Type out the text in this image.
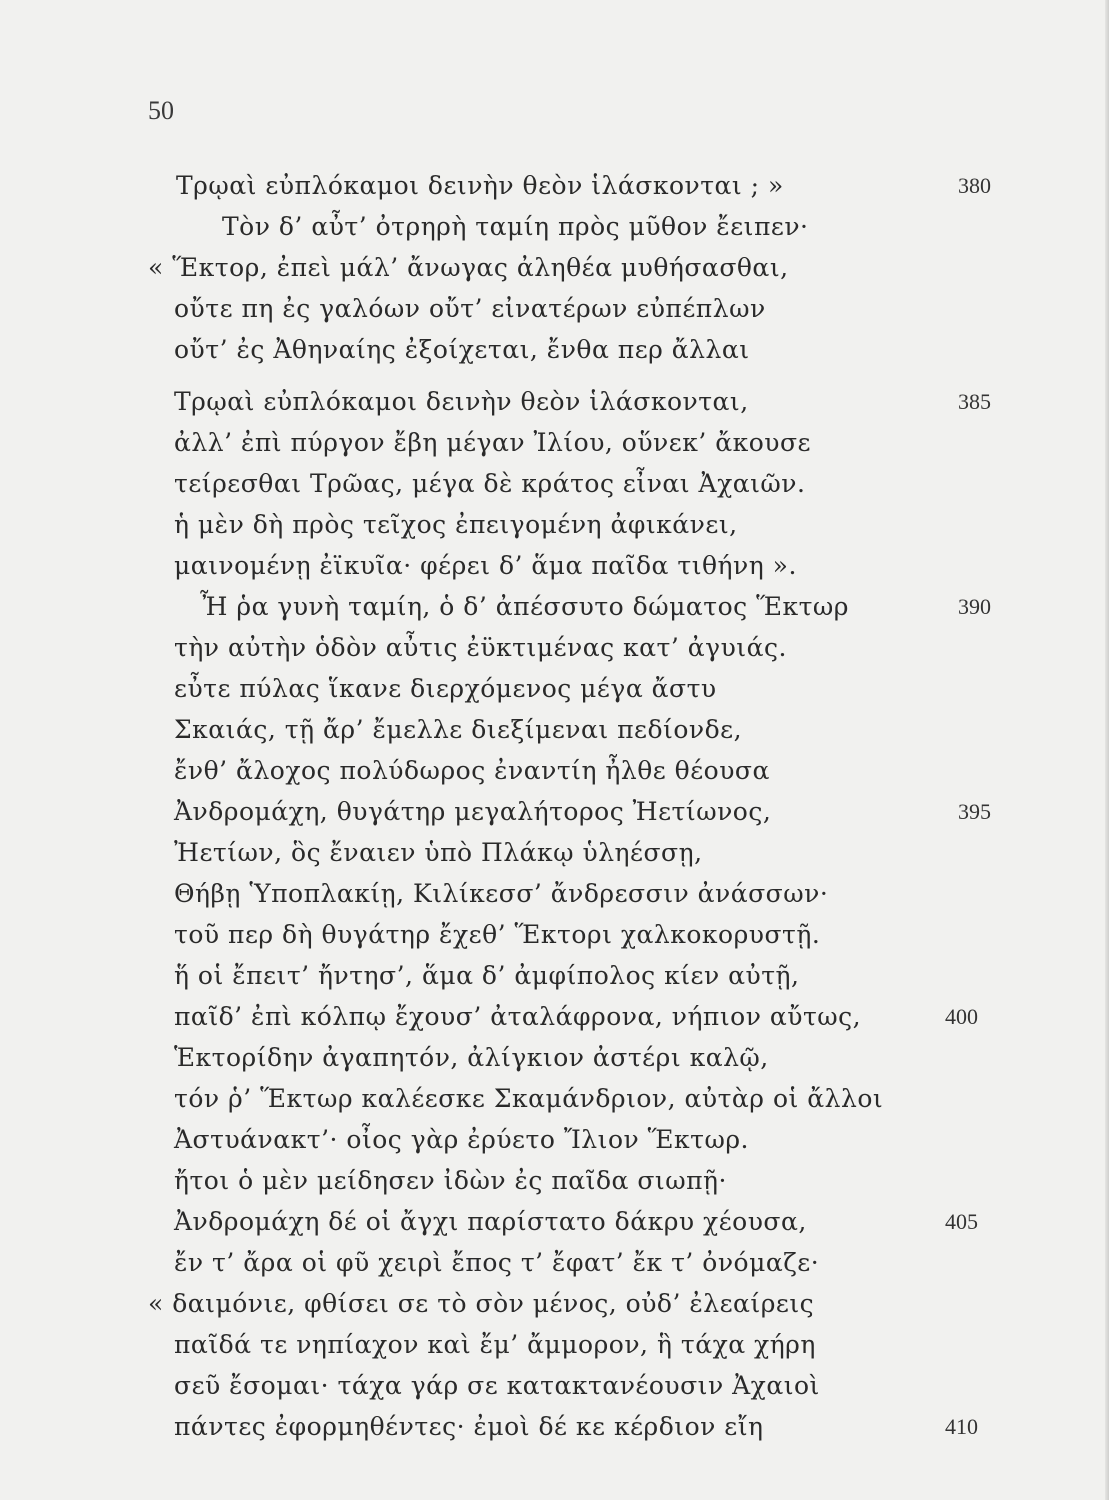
50
Τρῳαὶ εὐπλόκαμοι δεινὴν θεὸν ἱλάσκονται ; »	380
Τὸν δ’ αὖτ’ ὀτρηρὴ ταμίη πρὸς μῦθον ἔειπεν·
« Ἕκτορ, ἐπεὶ μάλ’ ἄνωγας ἀληθέα μυθήσασθαι,
οὔτε πη ἐς γαλόων οὔτ’ εἰνατέρων εὐπέπλων
οὔτ’ ἐς Ἀθηναίης ἐξοίχεται, ἔνθα περ ἄλλαι
Τρῳαὶ εὐπλόκαμοι δεινὴν θεὸν ἱλάσκονται,	385
ἀλλ’ ἐπὶ πύργον ἔβη μέγαν Ἰλίου, οὕνεκ’ ἄκουσε
τείρεσθαι Τρῶας, μέγα δὲ κράτος εἶναι Ἀχαιῶν.
ἡ μὲν δὴ πρὸς τεῖχος ἐπειγομένη ἀφικάνει,
μαινομένῃ ἐϊκυῖα· φέρει δ’ ἅμα παῖδα τιθήνη ».
Ἦ ῥα γυνὴ ταμίη, ὁ δ’ ἀπέσσυτο δώματος Ἕκτωρ	390
τὴν αὐτὴν ὁδὸν αὖτις ἐϋκτιμένας κατ’ ἀγυιάς.
εὖτε πύλας ἵκανε διερχόμενος μέγα ἄστυ
Σκαιάς, τῇ ἄρ’ ἔμελλε διεξίμεναι πεδίονδε,
ἔνθ’ ἄλοχος πολύδωρος ἐναντίη ἦλθε θέουσα
Ἀνδρομάχη, θυγάτηρ μεγαλήτορος Ἠετίωνος,	395
Ἠετίων, ὃς ἔναιεν ὑπὸ Πλάκῳ ὑληέσσῃ,
Θήβῃ Ὑποπλακίῃ, Κιλίκεσσ’ ἄνδρεσσιν ἀνάσσων·
τοῦ περ δὴ θυγάτηρ ἔχεθ’ Ἕκτορι χαλκοκορυστῇ.
ἥ οἱ ἔπειτ’ ἤντησ’, ἅμα δ’ ἀμφίπολος κίεν αὐτῇ,
παῖδ’ ἐπὶ κόλπῳ ἔχουσ’ ἀταλάφρονα, νήπιον αὔτως,	400
Ἑκτορίδην ἀγαπητόν, ἀλίγκιον ἀστέρι καλῷ,
τόν ῥ’ Ἕκτωρ καλέεσκε Σκαμάνδριον, αὐτὰρ οἱ ἄλλοι
Ἀστυάνακτ’· οἶος γὰρ ἐρύετο Ἴλιον Ἕκτωρ.
ἤτοι ὁ μὲν μείδησεν ἰδὼν ἐς παῖδα σιωπῇ·
Ἀνδρομάχη δέ οἱ ἄγχι παρίστατο δάκρυ χέουσα,	405
ἔν τ’ ἄρα οἱ φῦ χειρὶ ἔπος τ’ ἔφατ’ ἔκ τ’ ὀνόμαζε·
« δαιμόνιε, φθίσει σε τὸ σὸν μένος, οὐδ’ ἐλεαίρεις
παῖδά τε νηπίαχον καὶ ἔμ’ ἄμμορον, ἣ τάχα χήρη
σεῦ ἔσομαι· τάχα γάρ σε κατακτανέουσιν Ἀχαιοὶ
πάντες ἐφορμηθέντες· ἐμοὶ δέ κε κέρδιον εἴη	410
